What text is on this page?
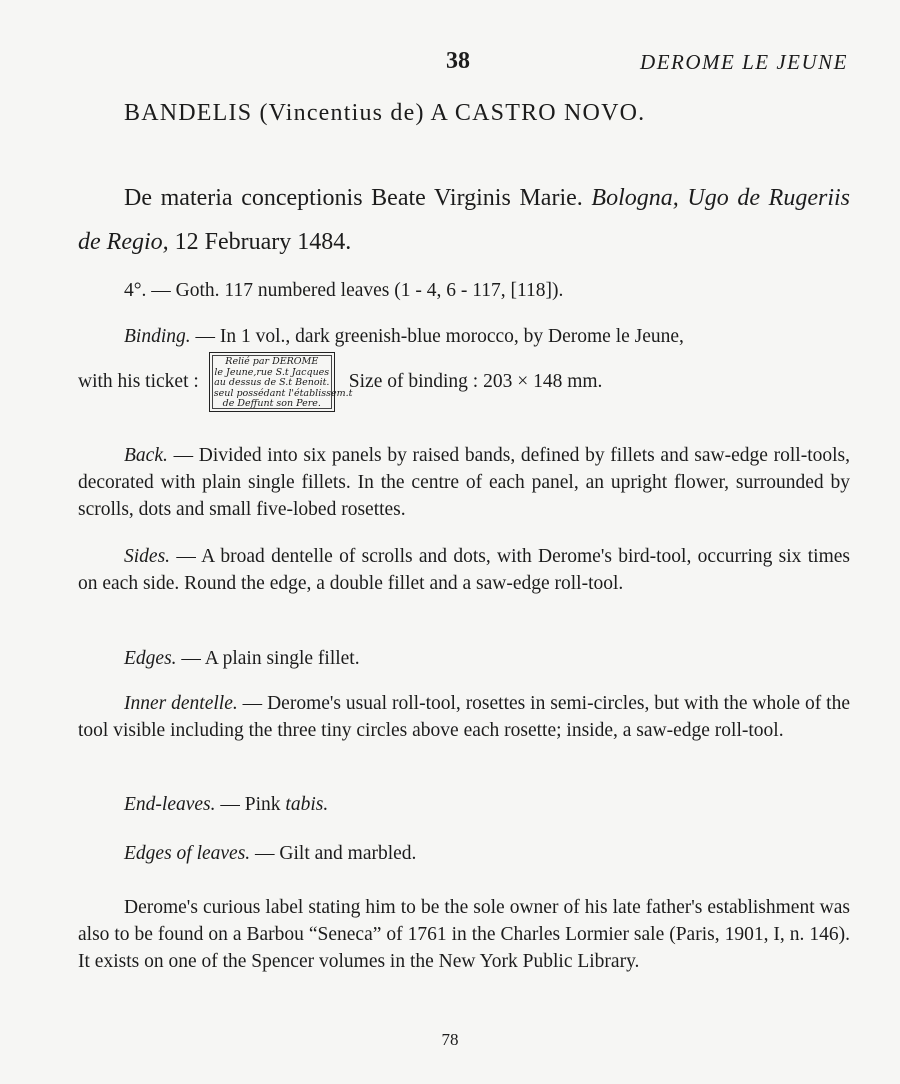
38	DEROME LE JEUNE
BANDELIS (Vincentius de) A CASTRO NOVO.

De materia conceptionis Beate Virginis Marie. Bologna, Ugo de Rugeriis de Regio, 12 February 1484.

4°. — Goth. 117 numbered leaves (1 - 4, 6 - 117, [118]).

Binding. — In 1 vol., dark greenish-blue morocco, by Derome le Jeune,

with his ticket :
Relié par DEROME
le Jeune,rue S.t Jacques
au dessus de S.t Benoit.
seul possédant l'établissem.t
de Deffunt son Pere.
Size of binding : 203 × 148 mm.

Back. — Divided into six panels by raised bands, defined by fillets and saw-edge roll-tools, decorated with plain single fillets. In the centre of each panel, an upright flower, surrounded by scrolls, dots and small five-lobed rosettes.

Sides. — A broad dentelle of scrolls and dots, with Derome's bird-tool, occurring six times on each side. Round the edge, a double fillet and a saw-edge roll-tool.

Edges. — A plain single fillet.

Inner dentelle. — Derome's usual roll-tool, rosettes in semi-circles, but with the whole of the tool visible including the three tiny circles above each rosette; inside, a saw-edge roll-tool.

End-leaves. — Pink tabis.

Edges of leaves. — Gilt and marbled.

Derome's curious label stating him to be the sole owner of his late father's establishment was also to be found on a Barbou “Seneca” of 1761 in the Charles Lormier sale (Paris, 1901, I, n. 146). It exists on one of the Spencer volumes in the New York Public Library.

78
